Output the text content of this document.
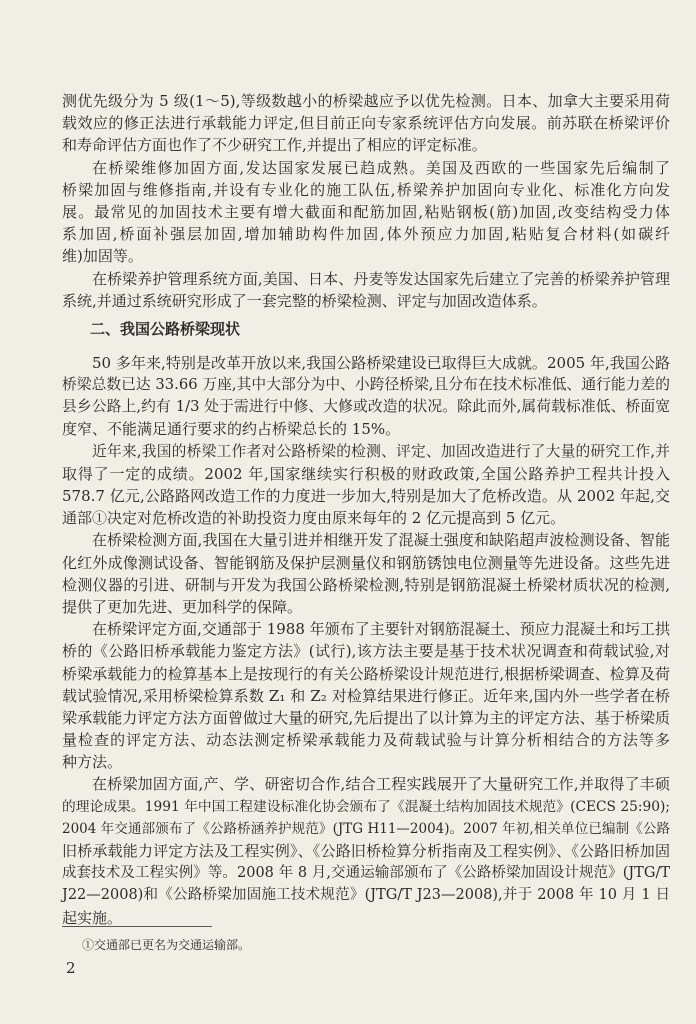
测优先级分为 5 级(1～5),等级数越小的桥梁越应予以优先检测。日本、加拿大主要采用荷
载效应的修正法进行承载能力评定,但目前正向专家系统评估方向发展。前苏联在桥梁评价
和寿命评估方面也作了不少研究工作,并提出了相应的评定标准。
在桥梁维修加固方面,发达国家发展已趋成熟。美国及西欧的一些国家先后编制了
桥梁加固与维修指南,并设有专业化的施工队伍,桥梁养护加固向专业化、标准化方向发
展。最常见的加固技术主要有增大截面和配筋加固,粘贴钢板(筋)加固,改变结构受力体
系加固,桥面补强层加固,增加辅助构件加固,体外预应力加固,粘贴复合材料(如碳纤
维)加固等。
在桥梁养护管理系统方面,美国、日本、丹麦等发达国家先后建立了完善的桥梁养护管理
系统,并通过系统研究形成了一套完整的桥梁检测、评定与加固改造体系。
二、我国公路桥梁现状
50 多年来,特别是改革开放以来,我国公路桥梁建设已取得巨大成就。2005 年,我国公路
桥梁总数已达 33.66 万座,其中大部分为中、小跨径桥梁,且分布在技术标准低、通行能力差的
县乡公路上,约有 1/3 处于需进行中修、大修或改造的状况。除此而外,属荷载标准低、桥面宽
度窄、不能满足通行要求的约占桥梁总长的 15%。
近年来,我国的桥梁工作者对公路桥梁的检测、评定、加固改造进行了大量的研究工作,并
取得了一定的成绩。2002 年,国家继续实行积极的财政政策,全国公路养护工程共计投入
578.7 亿元,公路路网改造工作的力度进一步加大,特别是加大了危桥改造。从 2002 年起,交
通部①决定对危桥改造的补助投资力度由原来每年的 2 亿元提高到 5 亿元。
在桥梁检测方面,我国在大量引进并相继开发了混凝土强度和缺陷超声波检测设备、智能
化红外成像测试设备、智能钢筋及保护层测量仪和钢筋锈蚀电位测量等先进设备。这些先进
检测仪器的引进、研制与开发为我国公路桥梁检测,特别是钢筋混凝土桥梁材质状况的检测,
提供了更加先进、更加科学的保障。
在桥梁评定方面,交通部于 1988 年颁布了主要针对钢筋混凝土、预应力混凝土和圬工拱
桥的《公路旧桥承载能力鉴定方法》(试行),该方法主要是基于技术状况调查和荷载试验,对
桥梁承载能力的检算基本上是按现行的有关公路桥梁设计规范进行,根据桥梁调查、检算及荷
载试验情况,采用桥梁检算系数 Z₁ 和 Z₂ 对检算结果进行修正。近年来,国内外一些学者在桥
梁承载能力评定方法方面曾做过大量的研究,先后提出了以计算为主的评定方法、基于桥梁质
量检查的评定方法、动态法测定桥梁承载能力及荷载试验与计算分析相结合的方法等多
种方法。
在桥梁加固方面,产、学、研密切合作,结合工程实践展开了大量研究工作,并取得了丰硕
的理论成果。1991 年中国工程建设标准化协会颁布了《混凝土结构加固技术规范》(CECS 25:90);
2004 年交通部颁布了《公路桥涵养护规范》(JTG H11—2004)。2007 年初,相关单位已编制《公路
旧桥承载能力评定方法及工程实例》、《公路旧桥检算分析指南及工程实例》、《公路旧桥加固
成套技术及工程实例》等。2008 年 8 月,交通运输部颁布了《公路桥梁加固设计规范》(JTG/T
J22—2008)和《公路桥梁加固施工技术规范》(JTG/T J23—2008),并于 2008 年 10 月 1 日
起实施。
①交通部已更名为交通运输部。
2
